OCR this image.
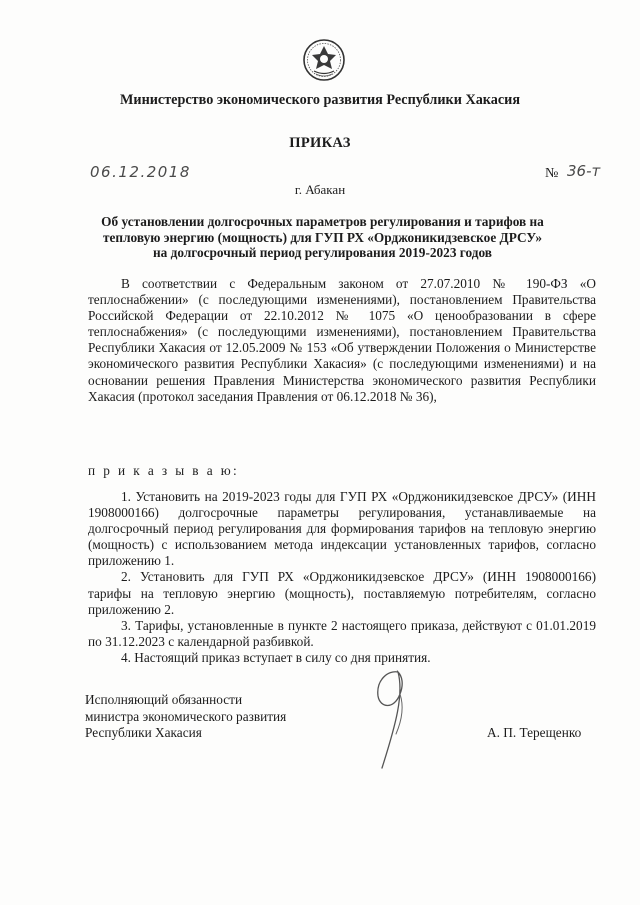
Министерство экономического развития Республики Хакасия
ПРИКАЗ
06.12.2018	№ 36-т
г. Абакан
Об установлении долгосрочных параметров регулирования и тарифов на тепловую энергию (мощность) для ГУП РХ «Орджоникидзевское ДРСУ» на долгосрочный период регулирования 2019-2023 годов

В соответствии с Федеральным законом от 27.07.2010 № 190-ФЗ «О теплоснабжении» (с последующими изменениями), постановлением Правительства Российской Федерации от 22.10.2012 № 1075 «О ценообразовании в сфере теплоснабжения» (с последующими изменениями), постановлением Правительства Республики Хакасия от 12.05.2009 № 153 «Об утверждении Положения о Министерстве экономического развития Республики Хакасия» (с последующими изменениями) и на основании решения Правления Министерства экономического развития Республики Хакасия (протокол заседания Правления от 06.12.2018 № 36),

п р и к а з ы в а ю:

1. Установить на 2019-2023 годы для ГУП РХ «Орджоникидзевское ДРСУ» (ИНН 1908000166) долгосрочные параметры регулирования, устанавливаемые на долгосрочный период регулирования для формирования тарифов на тепловую энергию (мощность) с использованием метода индексации установленных тарифов, согласно приложению 1.

2. Установить для ГУП РХ «Орджоникидзевское ДРСУ» (ИНН 1908000166) тарифы на тепловую энергию (мощность), поставляемую потребителям, согласно приложению 2.

3. Тарифы, установленные в пункте 2 настоящего приказа, действуют с 01.01.2019 по 31.12.2023 с календарной разбивкой.

4. Настоящий приказ вступает в силу со дня принятия.

Исполняющий обязанности
министра экономического развития
Республики Хакасия	А. П. Терещенко
